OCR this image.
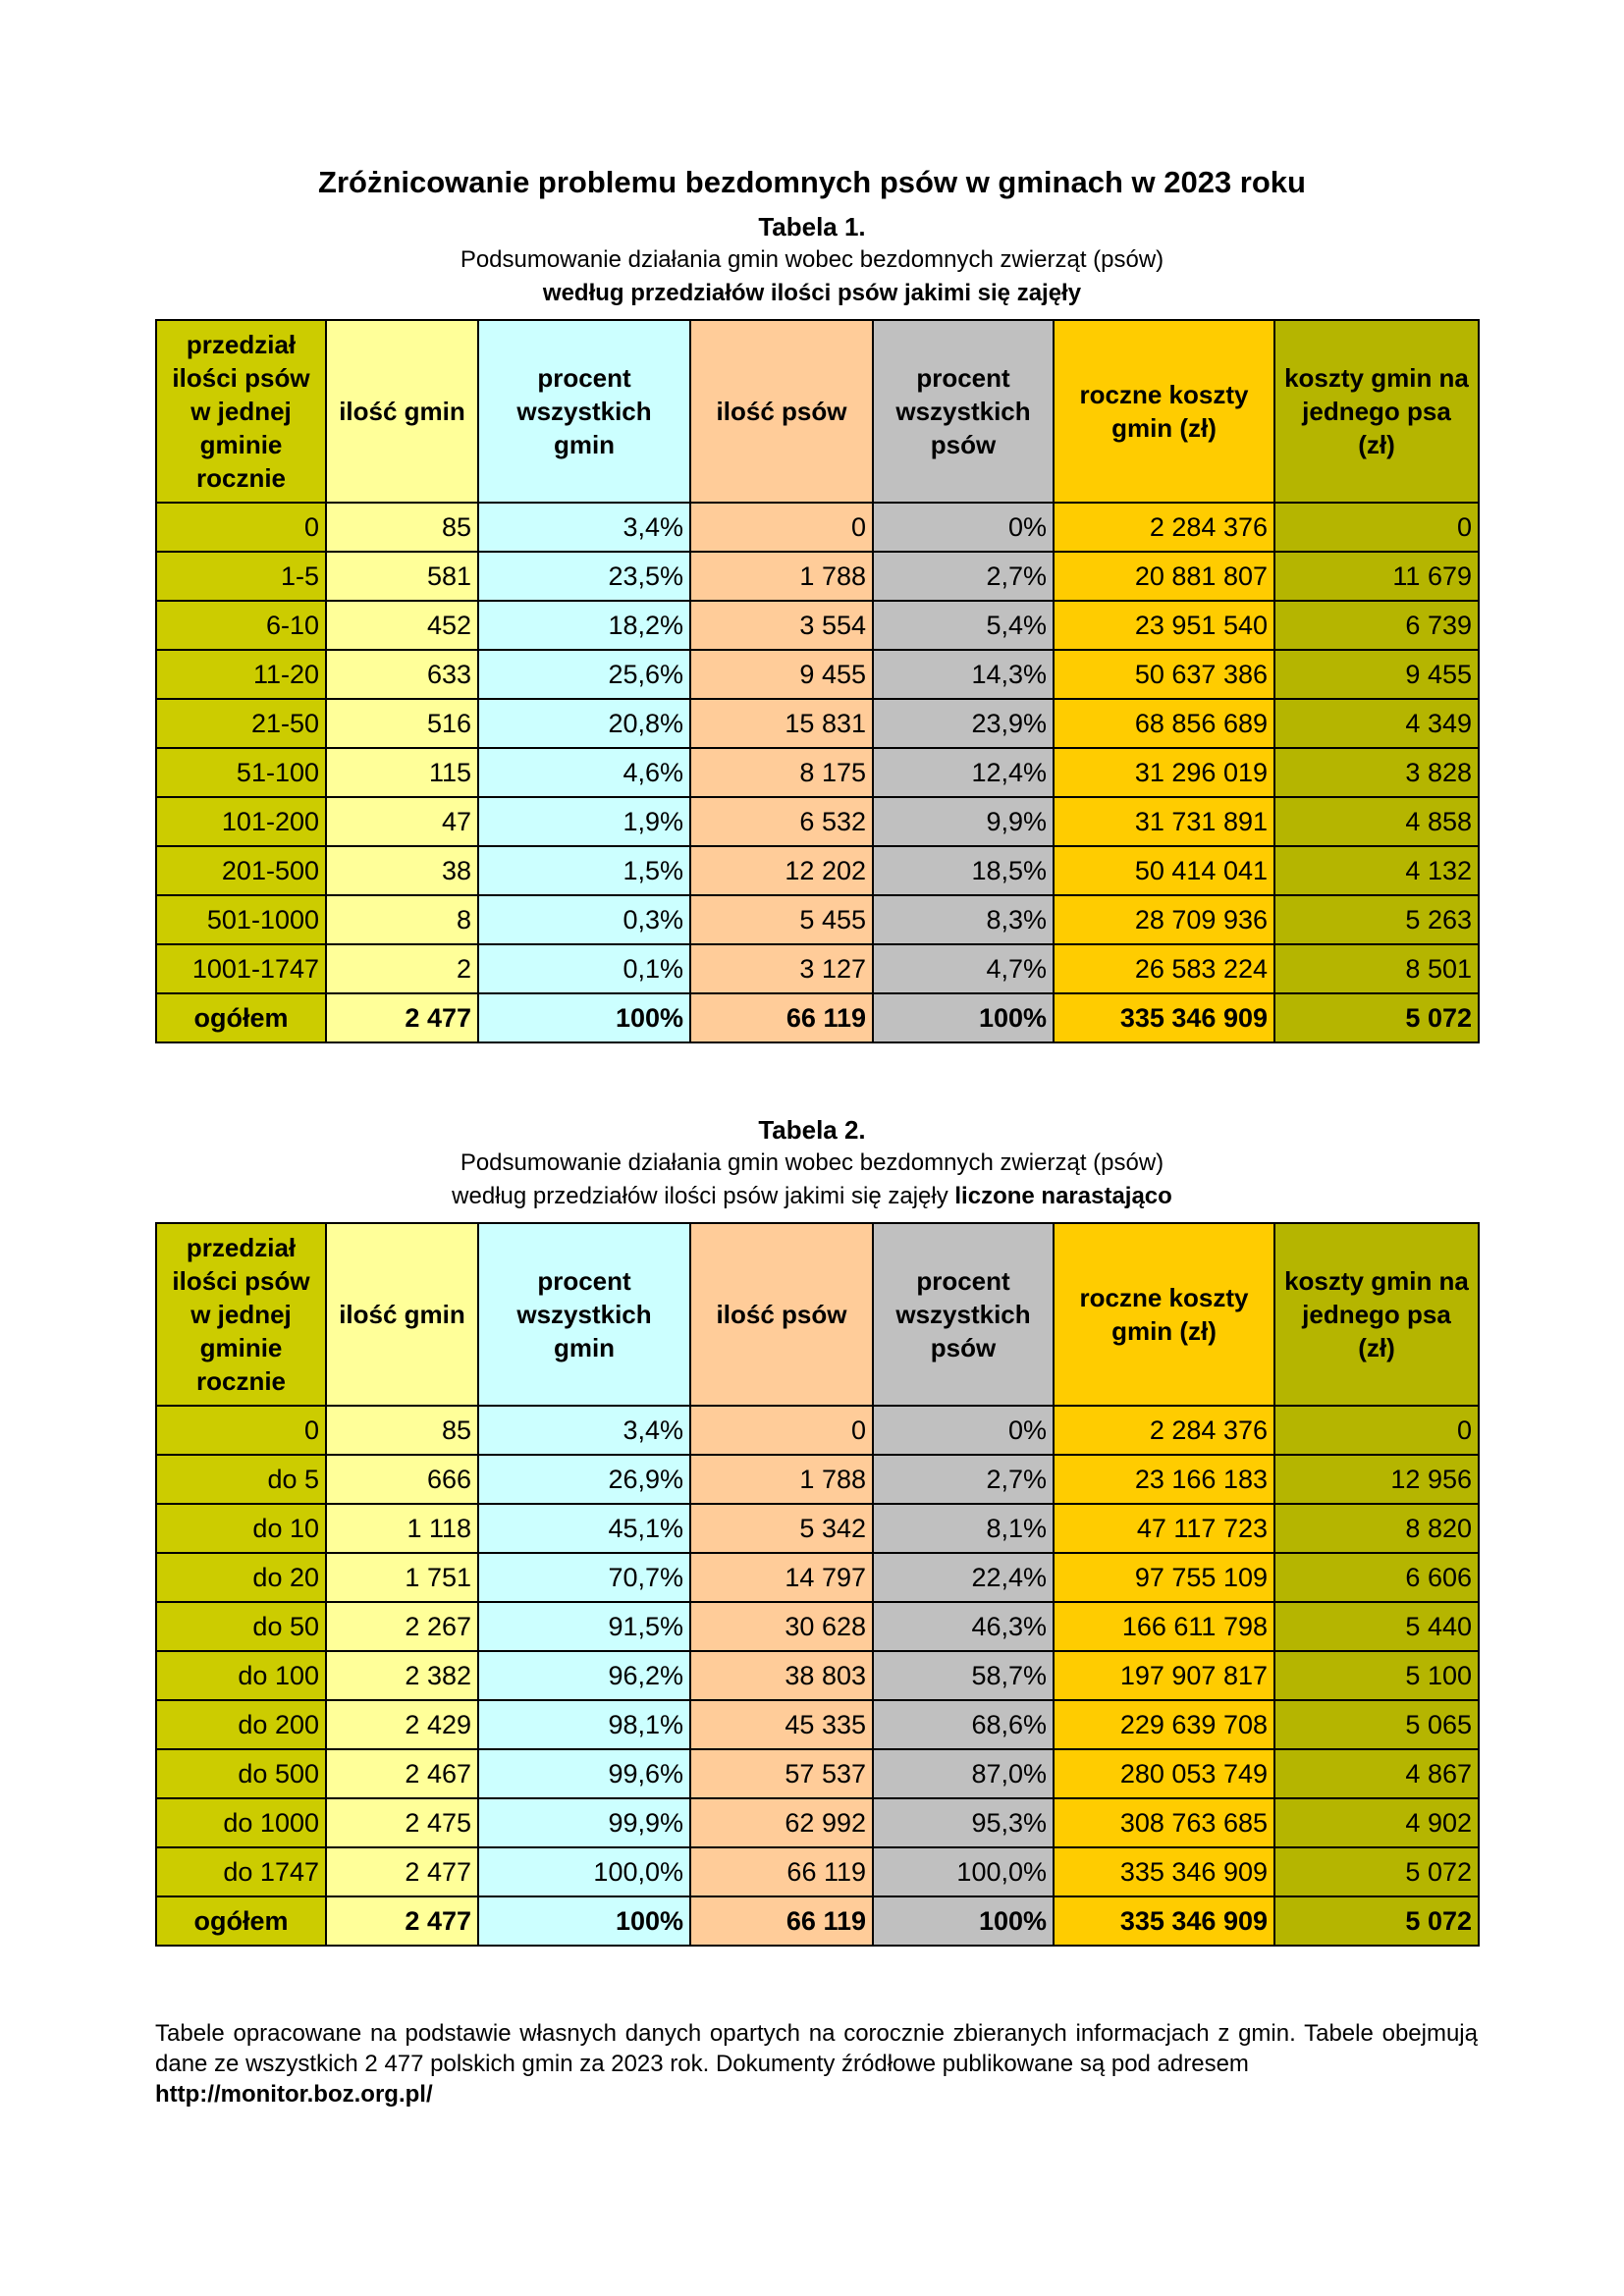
Zróżnicowanie problemu bezdomnych psów w gminach w 2023 roku
Tabela 1.
Podsumowanie działania gmin wobec bezdomnych zwierząt (psów)
według przedziałów ilości psów jakimi się zajęły
przedział ilości psów w jednej gminie rocznie	ilość gmin	procent wszystkich gmin	ilość psów	procent wszystkich psów	roczne koszty gmin (zł)	koszty gmin na jednego psa (zł)
0	85	3,4%	0	0%	2 284 376	0
1-5	581	23,5%	1 788	2,7%	20 881 807	11 679
6-10	452	18,2%	3 554	5,4%	23 951 540	6 739
11-20	633	25,6%	9 455	14,3%	50 637 386	9 455
21-50	516	20,8%	15 831	23,9%	68 856 689	4 349
51-100	115	4,6%	8 175	12,4%	31 296 019	3 828
101-200	47	1,9%	6 532	9,9%	31 731 891	4 858
201-500	38	1,5%	12 202	18,5%	50 414 041	4 132
501-1000	8	0,3%	5 455	8,3%	28 709 936	5 263
1001-1747	2	0,1%	3 127	4,7%	26 583 224	8 501
ogółem	2 477	100%	66 119	100%	335 346 909	5 072
Tabela 2.
Podsumowanie działania gmin wobec bezdomnych zwierząt (psów)
według przedziałów ilości psów jakimi się zajęły liczone narastająco
przedział ilości psów w jednej gminie rocznie	ilość gmin	procent wszystkich gmin	ilość psów	procent wszystkich psów	roczne koszty gmin (zł)	koszty gmin na jednego psa (zł)
0	85	3,4%	0	0%	2 284 376	0
do 5	666	26,9%	1 788	2,7%	23 166 183	12 956
do 10	1 118	45,1%	5 342	8,1%	47 117 723	8 820
do 20	1 751	70,7%	14 797	22,4%	97 755 109	6 606
do 50	2 267	91,5%	30 628	46,3%	166 611 798	5 440
do 100	2 382	96,2%	38 803	58,7%	197 907 817	5 100
do 200	2 429	98,1%	45 335	68,6%	229 639 708	5 065
do 500	2 467	99,6%	57 537	87,0%	280 053 749	4 867
do 1000	2 475	99,9%	62 992	95,3%	308 763 685	4 902
do 1747	2 477	100,0%	66 119	100,0%	335 346 909	5 072
ogółem	2 477	100%	66 119	100%	335 346 909	5 072
Tabele opracowane na podstawie własnych danych opartych na corocznie zbieranych informacjach z gmin. Tabele obejmują dane ze wszystkich 2 477 polskich gmin za 2023 rok. Dokumenty źródłowe publikowane są pod adresem
http://monitor.boz.org.pl/
